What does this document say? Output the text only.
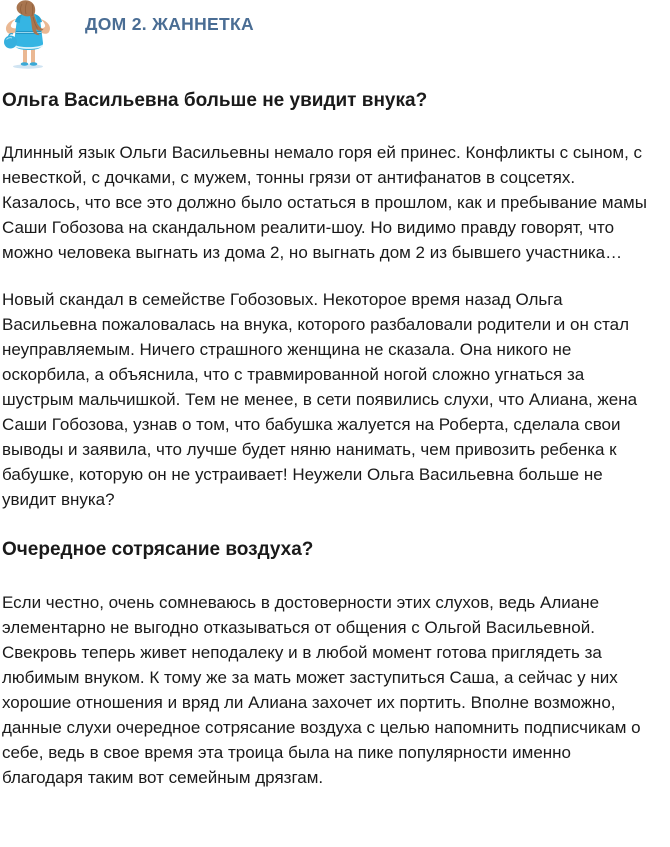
ДОМ 2. ЖАННЕТКА
Ольга Васильевна больше не увидит внука?

Длинный язык Ольги Васильевны немало горя ей принес. Конфликты с сыном, с невесткой, с дочками, с мужем, тонны грязи от антифанатов в соцсетях. Казалось, что все это должно было остаться в прошлом, как и пребывание мамы Саши Гобозова на скандальном реалити-шоу. Но видимо правду говорят, что можно человека выгнать из дома 2, но выгнать дом 2 из бывшего участника…

Новый скандал в семействе Гобозовых. Некоторое время назад Ольга Васильевна пожаловалась на внука, которого разбаловали родители и он стал неуправляемым. Ничего страшного женщина не сказала. Она никого не оскорбила, а объяснила, что с травмированной ногой сложно угнаться за шустрым мальчишкой. Тем не менее, в сети появились слухи, что Алиана, жена Саши Гобозова, узнав о том, что бабушка жалуется на Роберта, сделала свои выводы и заявила, что лучше будет няню нанимать, чем привозить ребенка к бабушке, которую он не устраивает! Неужели Ольга Васильевна больше не увидит внука?

Очередное сотрясание воздуха?

Если честно, очень сомневаюсь в достоверности этих слухов, ведь Алиане элементарно не выгодно отказываться от общения с Ольгой Васильевной. Свекровь теперь живет неподалеку и в любой момент готова приглядеть за любимым внуком. К тому же за мать может заступиться Саша, а сейчас у них хорошие отношения и вряд ли Алиана захочет их портить. Вполне возможно, данные слухи очередное сотрясание воздуха с целью напомнить подписчикам о себе, ведь в свое время эта троица была на пике популярности именно благодаря таким вот семейным дрязгам.
